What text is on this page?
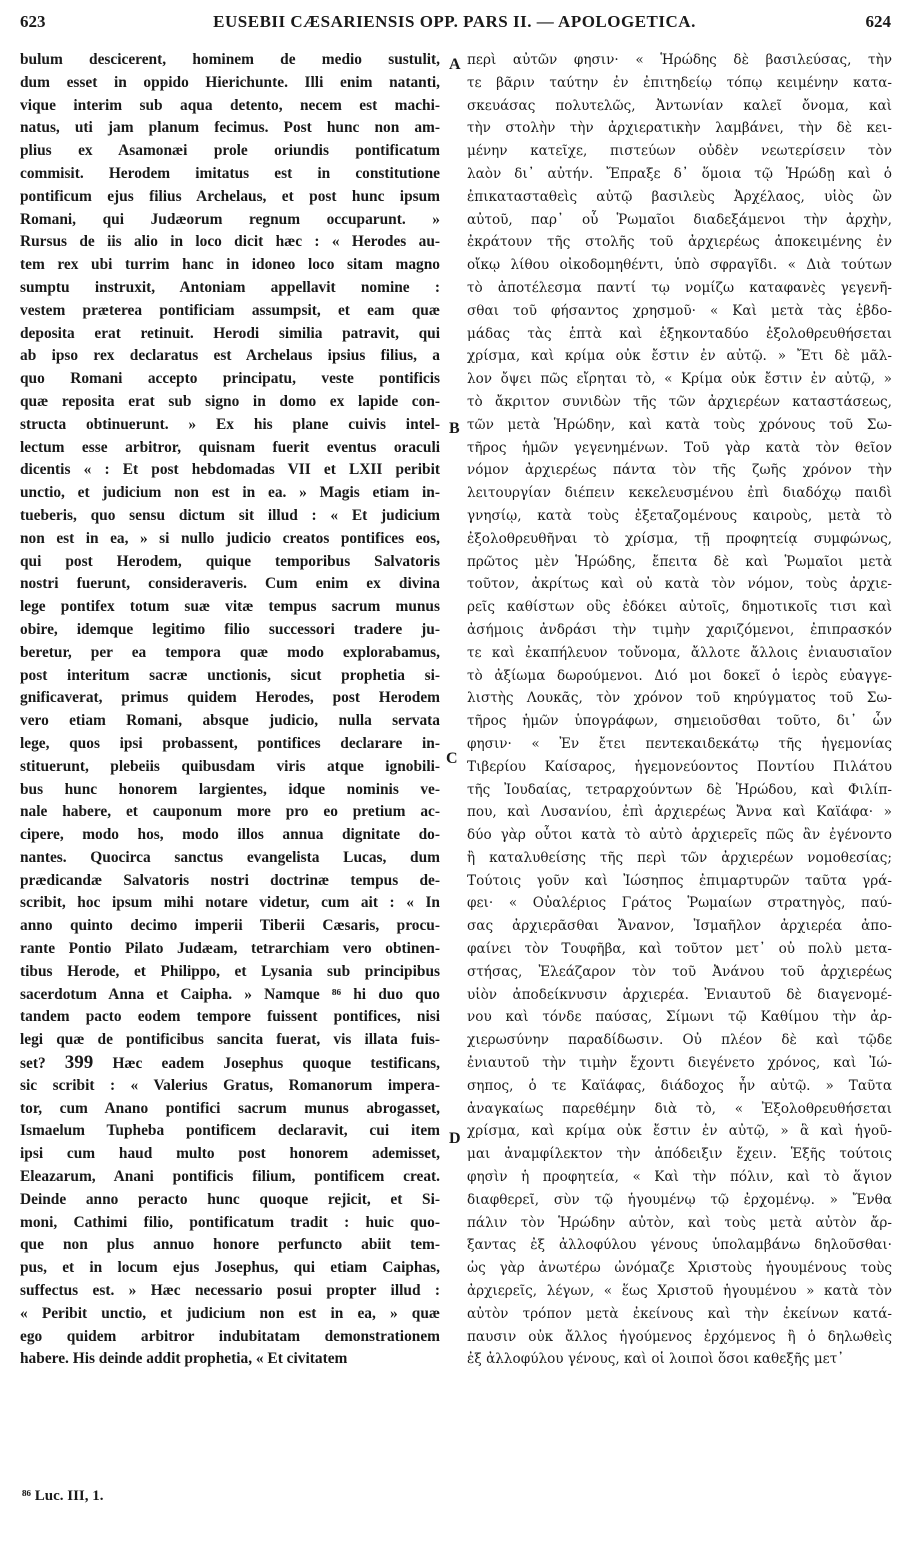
623	EUSEBII CÆSARIENSIS OPP. PARS II. — APOLOGETICA.	624
bulum descicerent, hominem de medio sustulit,
dum esset in oppido Hierichunte. Illi enim natanti,
vique interim sub aqua detento, necem est machi-
natus, uti jam planum fecimus. Post hunc non am-
plius ex Asamonæi prole oriundis pontificatum
commisit. Herodem imitatus est in constitutione
pontificum ejus filius Archelaus, et post hunc ipsum
Romani, qui Judæorum regnum occuparunt. »
Rursus de iis alio in loco dicit hæc : « Herodes au-
tem rex ubi turrim hanc in idoneo loco sitam magno
sumptu instruxit, Antoniam appellavit nomine :
vestem præterea pontificiam assumpsit, et eam quæ
deposita erat retinuit. Herodi similia patravit, qui
ab ipso rex declaratus est Archelaus ipsius filius, a
quo Romani accepto principatu, veste pontificis
quæ reposita erat sub signo in domo ex lapide con-
structa obtinuerunt. » Ex his plane cuivis intel-
lectum esse arbitror, quisnam fuerit eventus oraculi
dicentis « : Et post hebdomadas VII et LXII peribit
unctio, et judicium non est in ea. » Magis etiam in-
tueberis, quo sensu dictum sit illud : « Et judicium
non est in ea, » si nullo judicio creatos pontifices eos,
qui post Herodem, quique temporibus Salvatoris
nostri fuerunt, consideraveris. Cum enim ex divina
lege pontifex totum suæ vitæ tempus sacrum munus
obire, idemque legitimo filio successori tradere ju-
beretur, per ea tempora quæ modo explorabamus,
post interitum sacræ unctionis, sicut prophetia si-
gnificaverat, primus quidem Herodes, post Herodem
vero etiam Romani, absque judicio, nulla servata
lege, quos ipsi probassent, pontifices declarare in-
stituerunt, plebeiis quibusdam viris atque ignobili-
bus hunc honorem largientes, idque nominis ve-
nale habere, et cauponum more pro eo pretium ac-
cipere, modo hos, modo illos annua dignitate do-
nantes. Quocirca sanctus evangelista Lucas, dum
prædicandæ Salvatoris nostri doctrinæ tempus de-
scribit, hoc ipsum mihi notare videtur, cum ait : « In
anno quinto decimo imperii Tiberii Cæsaris, procu-
rante Pontio Pilato Judæam, tetrarchiam vero obtinen-
tibus Herode, et Philippo, et Lysania sub principibus
sacerdotum Anna et Caipha. » Namque ⁸⁶ hi duo quo
tandem pacto eodem tempore fuissent pontifices, nisi
legi quæ de pontificibus sancita fuerat, vis illata fuis-
set? 399 Hæc eadem Josephus quoque testificans,
sic scribit : « Valerius Gratus, Romanorum impera-
tor, cum Anano pontifici sacrum munus abrogasset,
Ismaelum Tupheba pontificem declaravit, cui item
ipsi cum haud multo post honorem ademisset,
Eleazarum, Anani pontificis filium, pontificem creat.
Deinde anno peracto hunc quoque rejicit, et Si-
moni, Cathimi filio, pontificatum tradit : huic quo-
que non plus annuo honore perfuncto abiit tem-
pus, et in locum ejus Josephus, qui etiam Caiphas,
suffectus est. » Hæc necessario posui propter illud :
« Peribit unctio, et judicium non est in ea, » quæ
ego quidem arbitror indubitatam demonstrationem
habere. His deinde addit prophetia, « Et civitatem
περὶ αὐτῶν φησιν· « Ἡρώδης δὲ βασιλεύσας, τὴν
τε βᾶριν ταύτην ἐν ἐπιτηδείῳ τόπῳ κειμένην κατα-
σκευάσας πολυτελῶς, Ἀντωνίαν καλεῖ ὄνομα, καὶ
τὴν στολὴν τὴν ἀρχιερατικὴν λαμβάνει, τὴν δὲ κει-
μένην κατεῖχε, πιστεύων οὐδὲν νεωτερίσειν τὸν
λαὸν δι᾽ αὐτήν. Ἔπραξε δ᾽ ὅμοια τῷ Ἡρώδῃ καὶ ὁ
ἐπικατασταθεὶς αὐτῷ βασιλεὺς Ἀρχέλαος, υἱὸς ὢν
αὐτοῦ, παρ᾽ οὗ Ῥωμαῖοι διαδεξάμενοι τὴν ἀρχὴν,
ἐκράτουν τῆς στολῆς τοῦ ἀρχιερέως ἀποκειμένης ἐν
οἴκῳ λίθου οἰκοδομηθέντι, ὑπὸ σφραγῖδι. « Διὰ τούτων
τὸ ἀποτέλεσμα παντί τῳ νομίζω καταφανὲς γεγενῆ-
σθαι τοῦ φήσαντος χρησμοῦ· « Καὶ μετὰ τὰς ἑβδο-
μάδας τὰς ἑπτὰ καὶ ἑξηκονταδύο ἐξολοθρευθήσεται
χρίσμα, καὶ κρίμα οὐκ ἔστιν ἐν αὐτῷ. » Ἔτι δὲ μᾶλ-
λον ὄψει πῶς εἴρηται τὸ, « Κρίμα οὐκ ἔστιν ἐν αὐτῷ, »
τὸ ἄκριτον συνιδὼν τῆς τῶν ἀρχιερέων καταστάσεως,
τῶν μετὰ Ἡρώδην, καὶ κατὰ τοὺς χρόνους τοῦ Σω-
τῆρος ἡμῶν γεγενημένων. Τοῦ γὰρ κατὰ τὸν θεῖον
νόμον ἀρχιερέως πάντα τὸν τῆς ζωῆς χρόνον τὴν
λειτουργίαν διέπειν κεκελευσμένου ἐπὶ διαδόχῳ παιδὶ
γνησίῳ, κατὰ τοὺς ἐξεταζομένους καιροὺς, μετὰ τὸ
ἐξολοθρευθῆναι τὸ χρίσμα, τῇ προφητείᾳ συμφώνως,
πρῶτος μὲν Ἡρώδης, ἔπειτα δὲ καὶ Ῥωμαῖοι μετὰ
τοῦτον, ἀκρίτως καὶ οὐ κατὰ τὸν νόμον, τοὺς ἀρχιε-
ρεῖς καθίστων οὓς ἐδόκει αὐτοῖς, δημοτικοῖς τισι καὶ
ἀσήμοις ἀνδράσι τὴν τιμὴν χαριζόμενοι, ἐπιπρασκόν
τε καὶ ἐκαπήλευον τοὔνομα, ἄλλοτε ἄλλοις ἐνιαυσιαῖον
τὸ ἀξίωμα δωρούμενοι. Διό μοι δοκεῖ ὁ ἱερὸς εὐαγγε-
λιστὴς Λουκᾶς, τὸν χρόνον τοῦ κηρύγματος τοῦ Σω-
τῆρος ἡμῶν ὑπογράφων, σημειοῦσθαι τοῦτο, δι᾽ ὧν
φησιν· « Ἐν ἔτει πεντεκαιδεκάτῳ τῆς ἡγεμονίας
Τιβερίου Καίσαρος, ἡγεμονεύοντος Ποντίου Πιλάτου
τῆς Ἰουδαίας, τετραρχούντων δὲ Ἡρώδου, καὶ Φιλίπ-
που, καὶ Λυσανίου, ἐπὶ ἀρχιερέως Ἄννα καὶ Καϊάφα· »
δύο γὰρ οὗτοι κατὰ τὸ αὐτὸ ἀρχιερεῖς πῶς ἂν ἐγένοντο
ἢ καταλυθείσης τῆς περὶ τῶν ἀρχιερέων νομοθεσίας;
Τούτοις γοῦν καὶ Ἰώσηπος ἐπιμαρτυρῶν ταῦτα γρά-
φει· « Οὐαλέριος Γράτος Ῥωμαίων στρατηγὸς, παύ-
σας ἀρχιερᾶσθαι Ἄνανον, Ἰσμαῆλον ἀρχιερέα ἀπο-
φαίνει τὸν Τουφῆβα, καὶ τοῦτον μετ᾽ οὐ πολὺ μετα-
στήσας, Ἐλεάζαρον τὸν τοῦ Ἀνάνου τοῦ ἀρχιερέως
υἱὸν ἀποδείκνυσιν ἀρχιερέα. Ἐνιαυτοῦ δὲ διαγενομέ-
νου καὶ τόνδε παύσας, Σίμωνι τῷ Καθίμου τὴν ἀρ-
χιερωσύνην παραδίδωσιν. Οὐ πλέον δὲ καὶ τῷδε
ἐνιαυτοῦ τὴν τιμὴν ἔχοντι διεγένετο χρόνος, καὶ Ἰώ-
σηπος, ὁ τε Καϊάφας, διάδοχος ἦν αὐτῷ. » Ταῦτα
ἀναγκαίως παρεθέμην διὰ τὸ, « Ἐξολοθρευθήσεται
χρίσμα, καὶ κρίμα οὐκ ἔστιν ἐν αὐτῷ, » ἃ καὶ ἡγοῦ-
μαι ἀναμφίλεκτον τὴν ἀπόδειξιν ἔχειν. Ἑξῆς τούτοις
φησὶν ἡ προφητεία, « Καὶ τὴν πόλιν, καὶ τὸ ἅγιον
διαφθερεῖ, σὺν τῷ ἡγουμένῳ τῷ ἐρχομένῳ. » Ἔνθα
πάλιν τὸν Ἡρώδην αὐτὸν, καὶ τοὺς μετὰ αὐτὸν ἄρ-
ξαντας ἐξ ἀλλοφύλου γένους ὑπολαμβάνω δηλοῦσθαι·
ὡς γὰρ ἀνωτέρω ὠνόμαζε Χριστοὺς ἡγουμένους τοὺς
ἀρχιερεῖς, λέγων, « ἕως Χριστοῦ ἡγουμένου » κατὰ τὸν
αὐτὸν τρόπον μετὰ ἐκείνους καὶ τὴν ἐκείνων κατά-
παυσιν οὐκ ἄλλος ἡγούμενος ἐρχόμενος ἢ ὁ δηλωθεὶς
ἐξ ἀλλοφύλου γένους, καὶ οἱ λοιποὶ ὅσοι καθεξῆς μετ᾽
A
B
C
D
⁸⁶ Luc. III, 1.
